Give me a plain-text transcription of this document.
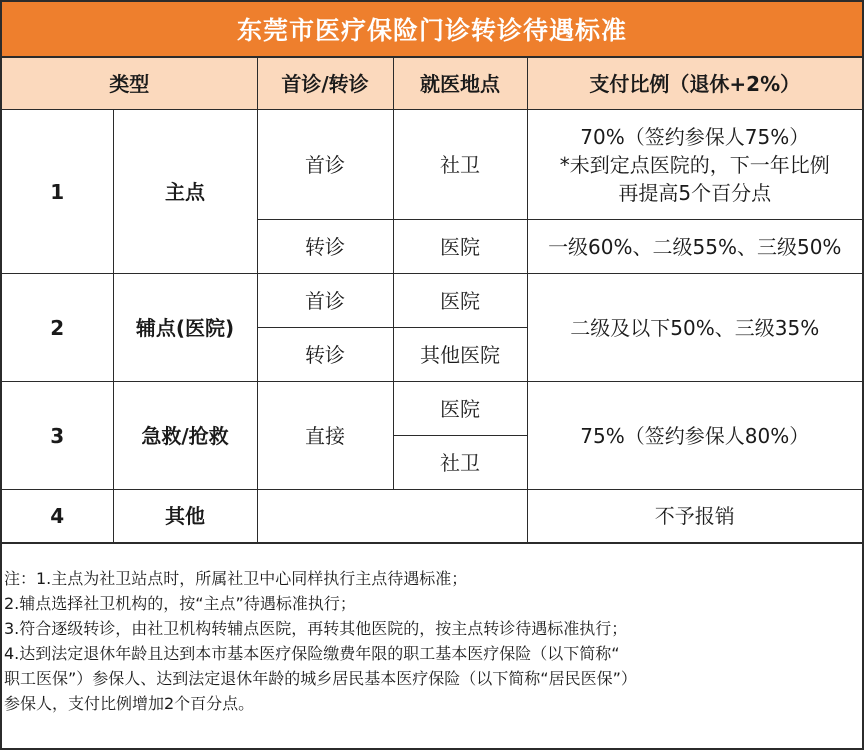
东莞市医疗保险门诊转诊待遇标准
类型		首诊/转诊	就医地点	支付比例（退休+2%）
1	主点	首诊	社卫	70%（签约参保人75%）
*未到定点医院的，下一年比例
再提高5个百分点

		转诊	医院	一级60%、二级55%、三级50%
2	辅点(医院)	首诊	医院	二级及以下50%、三级35%
		转诊	其他医院	
3	急救/抢救	直接	医院	75%（签约参保人80%）
			社卫	
4	其他			不予报销
注：1.主点为社卫站点时，所属社卫中心同样执行主点待遇标准；
2.辅点选择社卫机构的，按“主点”待遇标准执行；
3.符合逐级转诊，由社卫机构转辅点医院，再转其他医院的，按主点转诊待遇标准执行；
4.达到法定退休年龄且达到本市基本医疗保险缴费年限的职工基本医疗保险（以下简称“
职工医保”）参保人、达到法定退休年龄的城乡居民基本医疗保险（以下简称“居民医保”）
参保人，支付比例增加2个百分点。
